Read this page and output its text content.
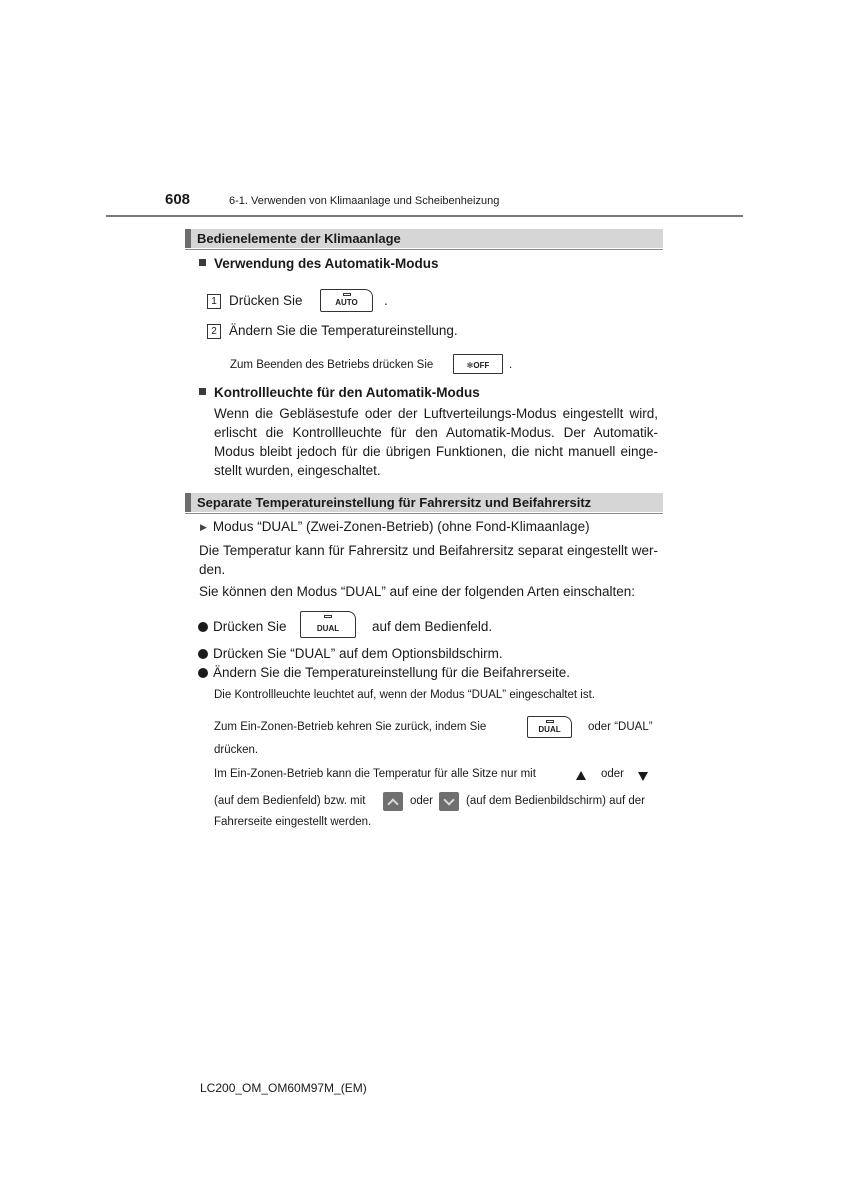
608	6-1. Verwenden von Klimaanlage und Scheibenheizung
Bedienelemente der Klimaanlage
Verwendung des Automatik-Modus
1 Drücken Sie	AUTO	.
2 Ändern Sie die Temperatureinstellung.
Zum Beenden des Betriebs drücken Sie	✻OFF	.
Kontrollleuchte für den Automatik-Modus
Wenn die Gebläsestufe oder der Luftverteilungs-Modus eingestellt wird,
erlischt die Kontrollleuchte für den Automatik-Modus. Der Automatik-
Modus bleibt jedoch für die übrigen Funktionen, die nicht manuell einge-
stellt wurden, eingeschaltet.
Separate Temperatureinstellung für Fahrersitz und Beifahrersitz
▶ Modus “DUAL” (Zwei-Zonen-Betrieb) (ohne Fond-Klimaanlage)
Die Temperatur kann für Fahrersitz und Beifahrersitz separat eingestellt wer-
den.
Sie können den Modus “DUAL” auf eine der folgenden Arten einschalten:
Drücken Sie	DUAL	auf dem Bedienfeld.
Drücken Sie “DUAL” auf dem Optionsbildschirm.
Ändern Sie die Temperatureinstellung für die Beifahrerseite.
Die Kontrollleuchte leuchtet auf, wenn der Modus “DUAL” eingeschaltet ist.
Zum Ein-Zonen-Betrieb kehren Sie zurück, indem Sie	DUAL	oder “DUAL”
drücken.
Im Ein-Zonen-Betrieb kann die Temperatur für alle Sitze nur mit	oder
(auf dem Bedienfeld) bzw. mit	oder	(auf dem Bedienbildschirm) auf der
Fahrerseite eingestellt werden.
LC200_OM_OM60M97M_(EM)
